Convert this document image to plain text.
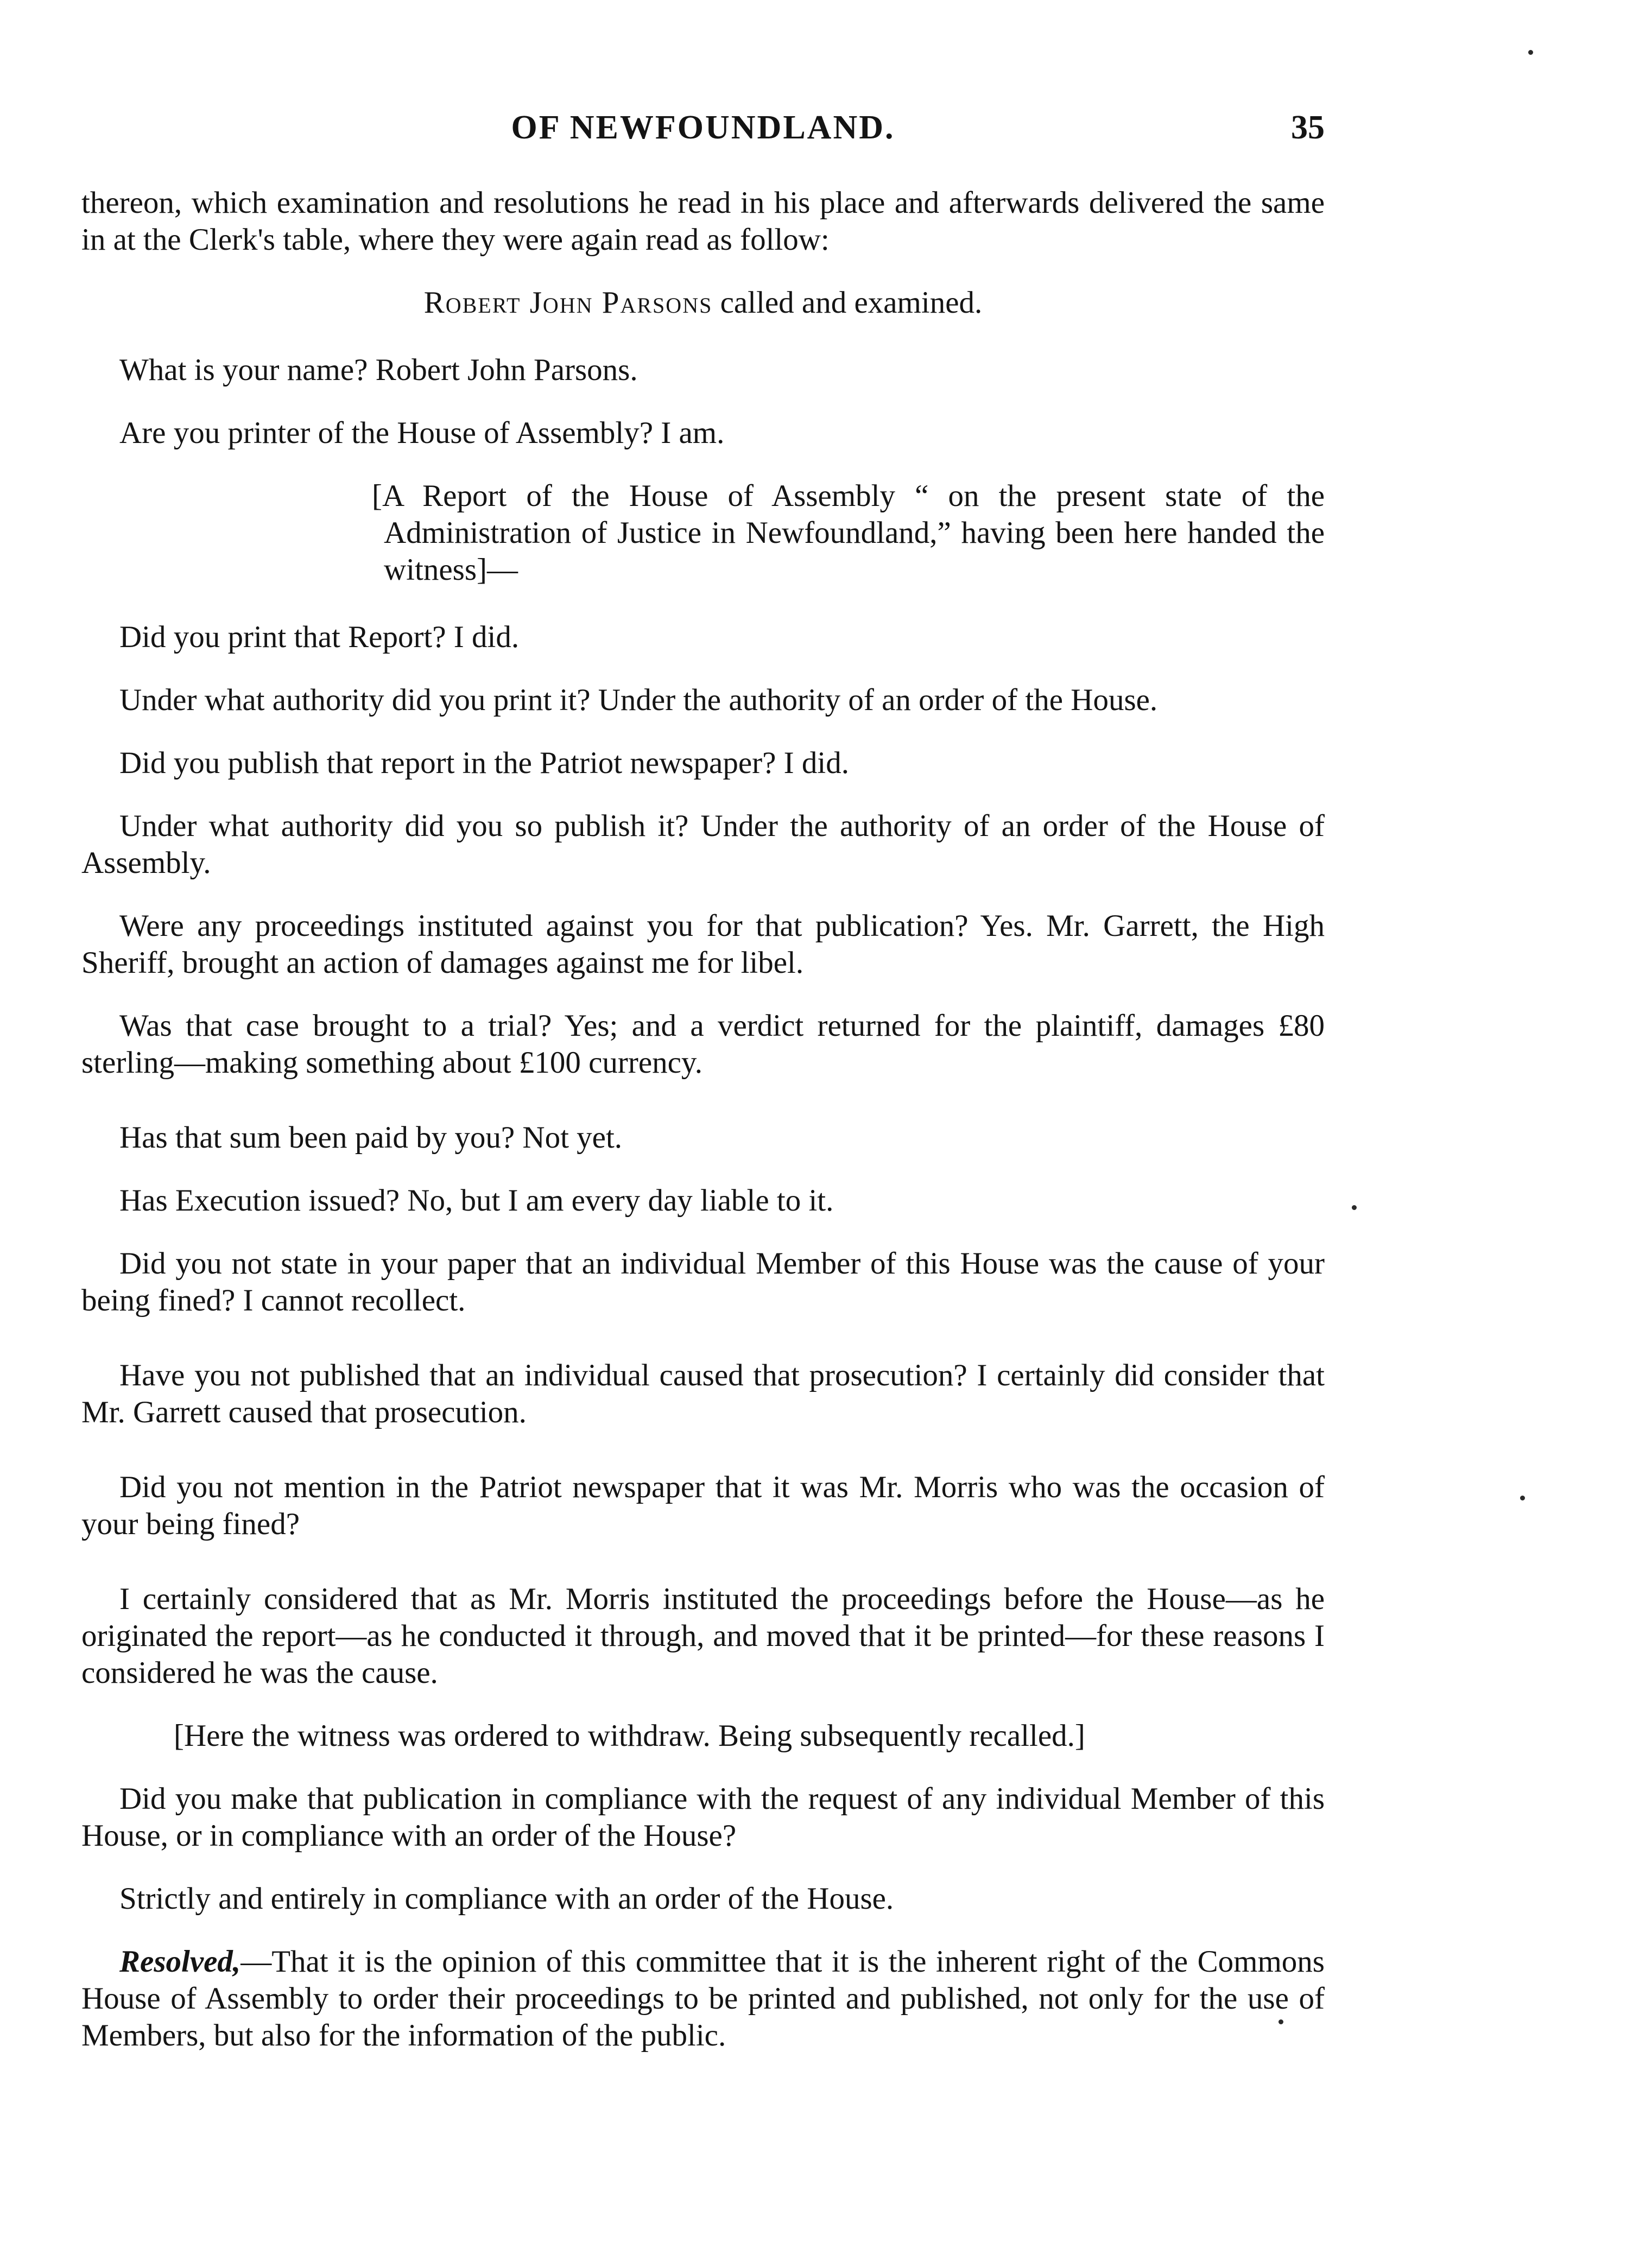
OF NEWFOUNDLAND.	35

thereon, which examination and resolutions he read in his place and afterwards delivered the same in at the Clerk's table, where they were again read as follow:

Robert John Parsons called and examined.

What is your name? Robert John Parsons.

Are you printer of the House of Assembly? I am.

[A Report of the House of Assembly “ on the present state of the Administration of Justice in Newfoundland,” having been here handed the witness]—

Did you print that Report? I did.

Under what authority did you print it? Under the authority of an order of the House.

Did you publish that report in the Patriot newspaper? I did.

Under what authority did you so publish it? Under the authority of an order of the House of Assembly.

Were any proceedings instituted against you for that publication? Yes. Mr. Garrett, the High Sheriff, brought an action of damages against me for libel.

Was that case brought to a trial? Yes; and a verdict returned for the plaintiff, damages £80 sterling—making something about £100 currency.

Has that sum been paid by you? Not yet.

Has Execution issued? No, but I am every day liable to it.

Did you not state in your paper that an individual Member of this House was the cause of your being fined? I cannot recollect.

Have you not published that an individual caused that prosecution? I certainly did consider that Mr. Garrett caused that prosecution.

Did you not mention in the Patriot newspaper that it was Mr. Morris who was the occasion of your being fined?

I certainly considered that as Mr. Morris instituted the proceedings before the House—as he originated the report—as he conducted it through, and moved that it be printed—for these reasons I considered he was the cause.

[Here the witness was ordered to withdraw. Being subsequently recalled.]

Did you make that publication in compliance with the request of any individual Member of this House, or in compliance with an order of the House?

Strictly and entirely in compliance with an order of the House.

Resolved,—That it is the opinion of this committee that it is the inherent right of the Commons House of Assembly to order their proceedings to be printed and published, not only for the use of Members, but also for the information of the public.
